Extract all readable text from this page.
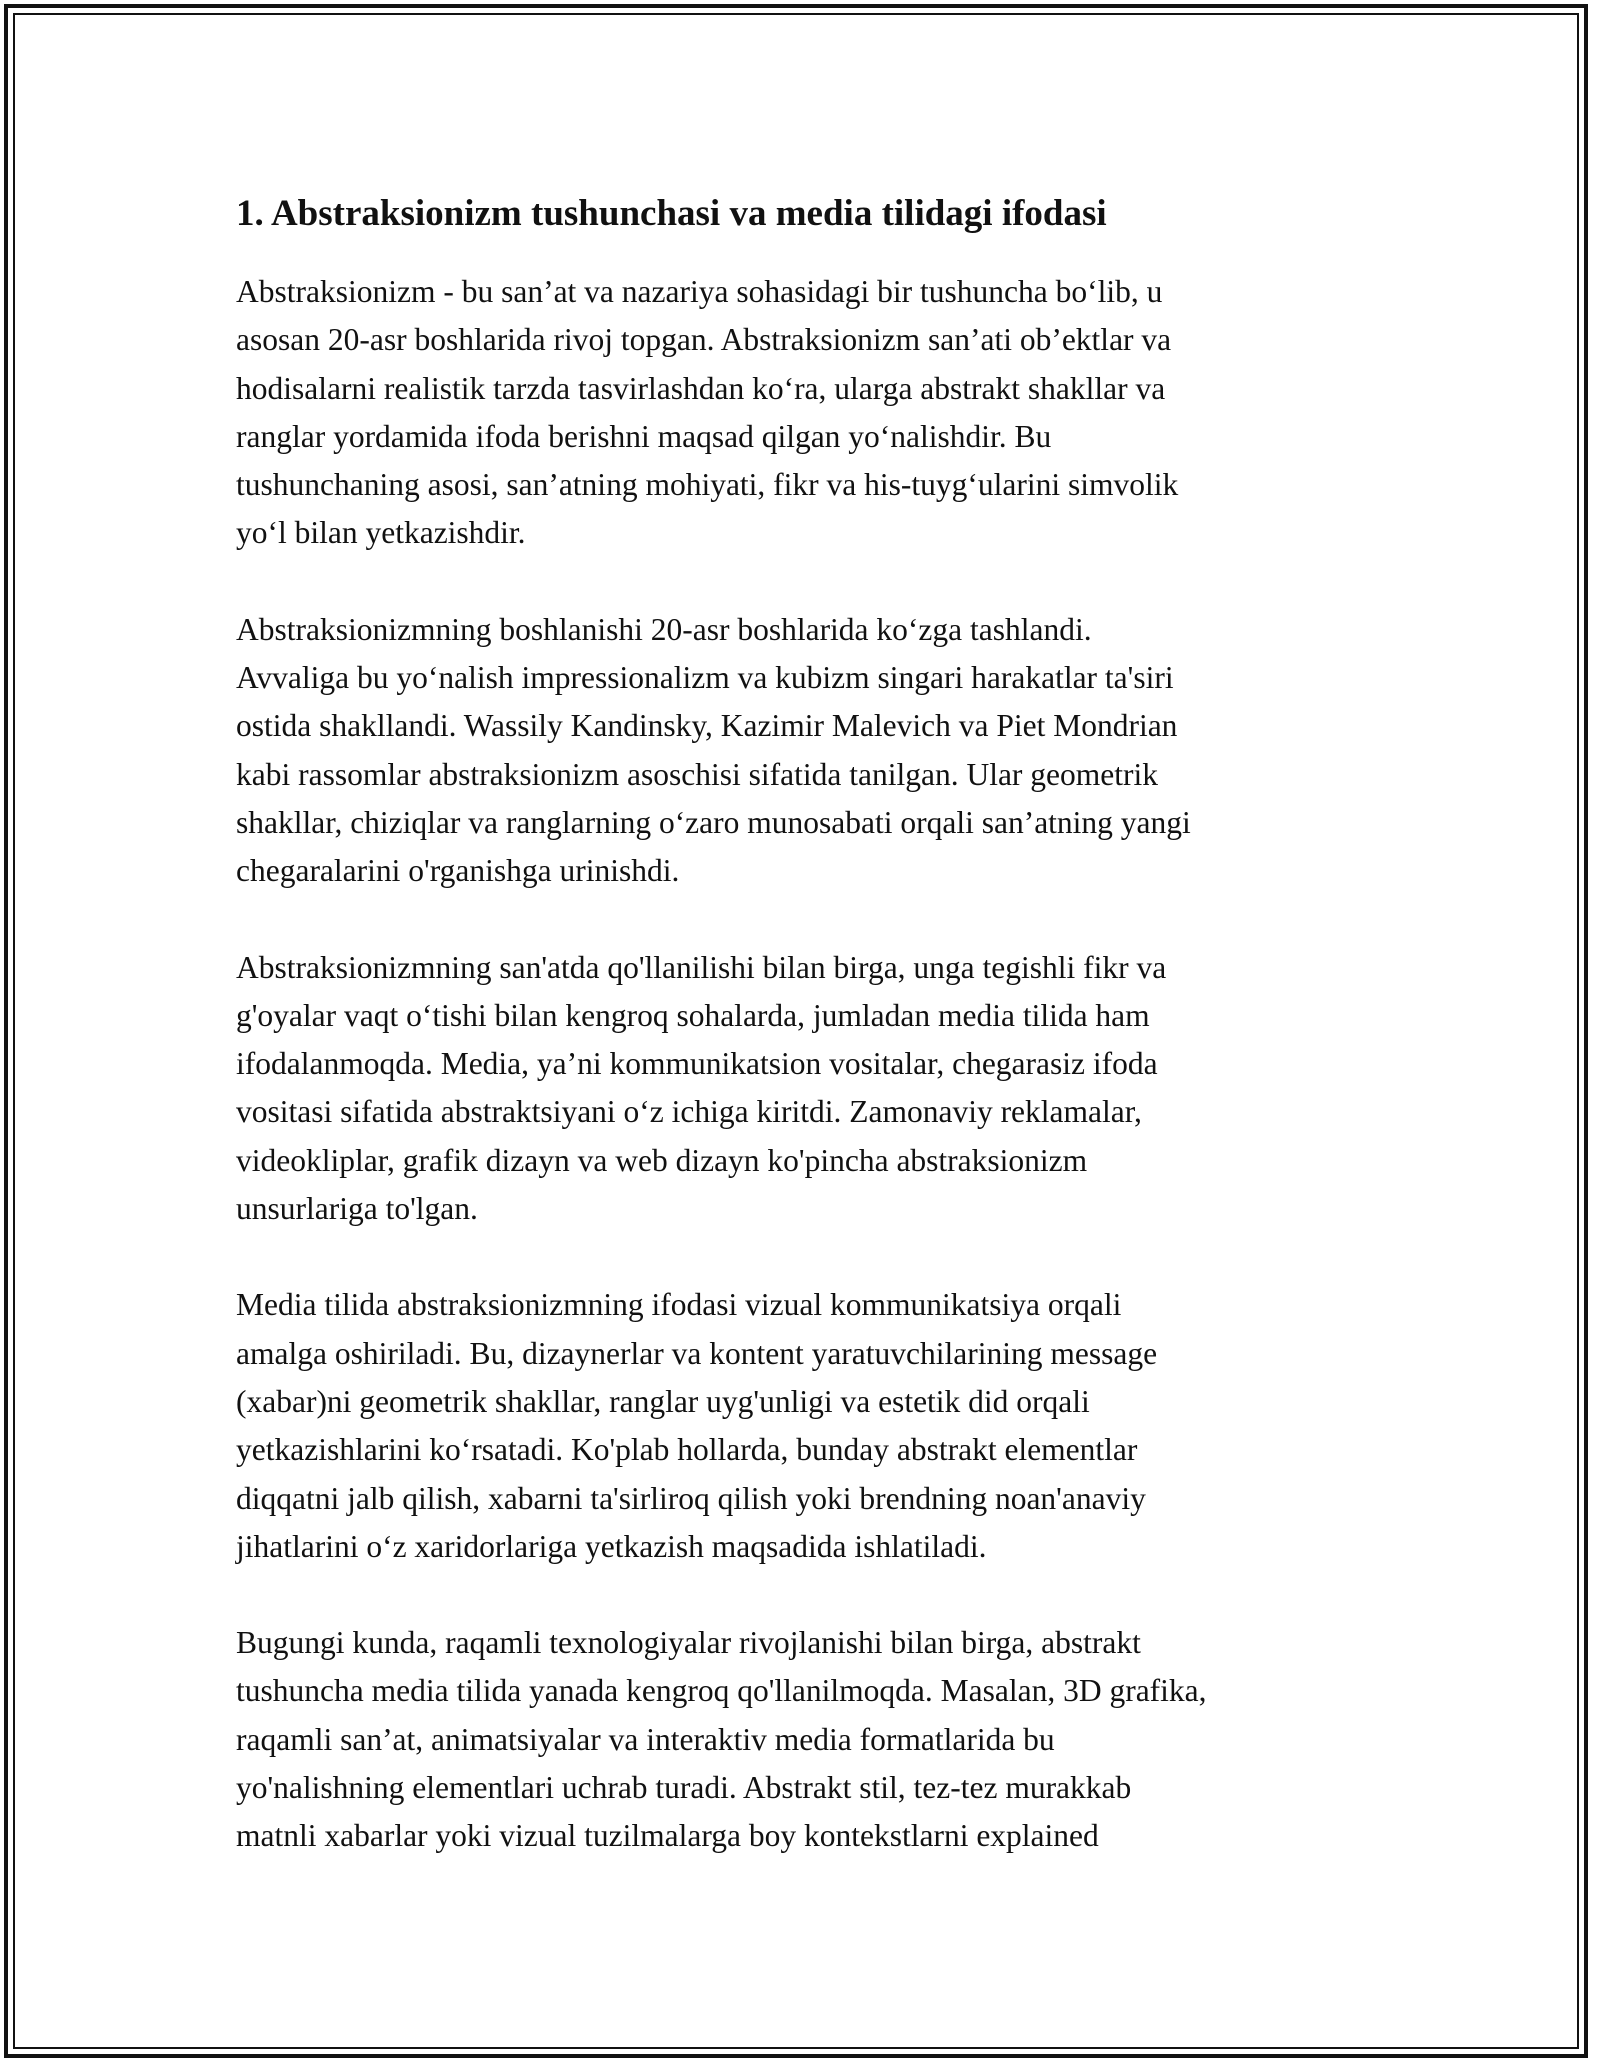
1. Abstraksionizm tushunchasi va media tilidagi ifodasi

Abstraksionizm - bu san’at va nazariya sohasidagi bir tushuncha bo‘lib, u
asosan 20-asr boshlarida rivoj topgan. Abstraksionizm san’ati ob’ektlar va
hodisalarni realistik tarzda tasvirlashdan ko‘ra, ularga abstrakt shakllar va
ranglar yordamida ifoda berishni maqsad qilgan yo‘nalishdir. Bu
tushunchaning asosi, san’atning mohiyati, fikr va his-tuyg‘ularini simvolik
yo‘l bilan yetkazishdir.

Abstraksionizmning boshlanishi 20-asr boshlarida ko‘zga tashlandi.
Avvaliga bu yo‘nalish impressionalizm va kubizm singari harakatlar ta'siri
ostida shakllandi. Wassily Kandinsky, Kazimir Malevich va Piet Mondrian
kabi rassomlar abstraksionizm asoschisi sifatida tanilgan. Ular geometrik
shakllar, chiziqlar va ranglarning o‘zaro munosabati orqali san’atning yangi
chegaralarini o'rganishga urinishdi.

Abstraksionizmning san'atda qo'llanilishi bilan birga, unga tegishli fikr va
g'oyalar vaqt o‘tishi bilan kengroq sohalarda, jumladan media tilida ham
ifodalanmoqda. Media, ya’ni kommunikatsion vositalar, chegarasiz ifoda
vositasi sifatida abstraktsiyani o‘z ichiga kiritdi. Zamonaviy reklamalar,
videokliplar, grafik dizayn va web dizayn ko'pincha abstraksionizm
unsurlariga to'lgan.

Media tilida abstraksionizmning ifodasi vizual kommunikatsiya orqali
amalga oshiriladi. Bu, dizaynerlar va kontent yaratuvchilarining message
(xabar)ni geometrik shakllar, ranglar uyg'unligi va estetik did orqali
yetkazishlarini ko‘rsatadi. Ko'plab hollarda, bunday abstrakt elementlar
diqqatni jalb qilish, xabarni ta'sirliroq qilish yoki brendning noan'anaviy
jihatlarini o‘z xaridorlariga yetkazish maqsadida ishlatiladi.

Bugungi kunda, raqamli texnologiyalar rivojlanishi bilan birga, abstrakt
tushuncha media tilida yanada kengroq qo'llanilmoqda. Masalan, 3D grafika,
raqamli san’at, animatsiyalar va interaktiv media formatlarida bu
yo'nalishning elementlari uchrab turadi. Abstrakt stil, tez-tez murakkab
matnli xabarlar yoki vizual tuzilmalarga boy kontekstlarni explained
